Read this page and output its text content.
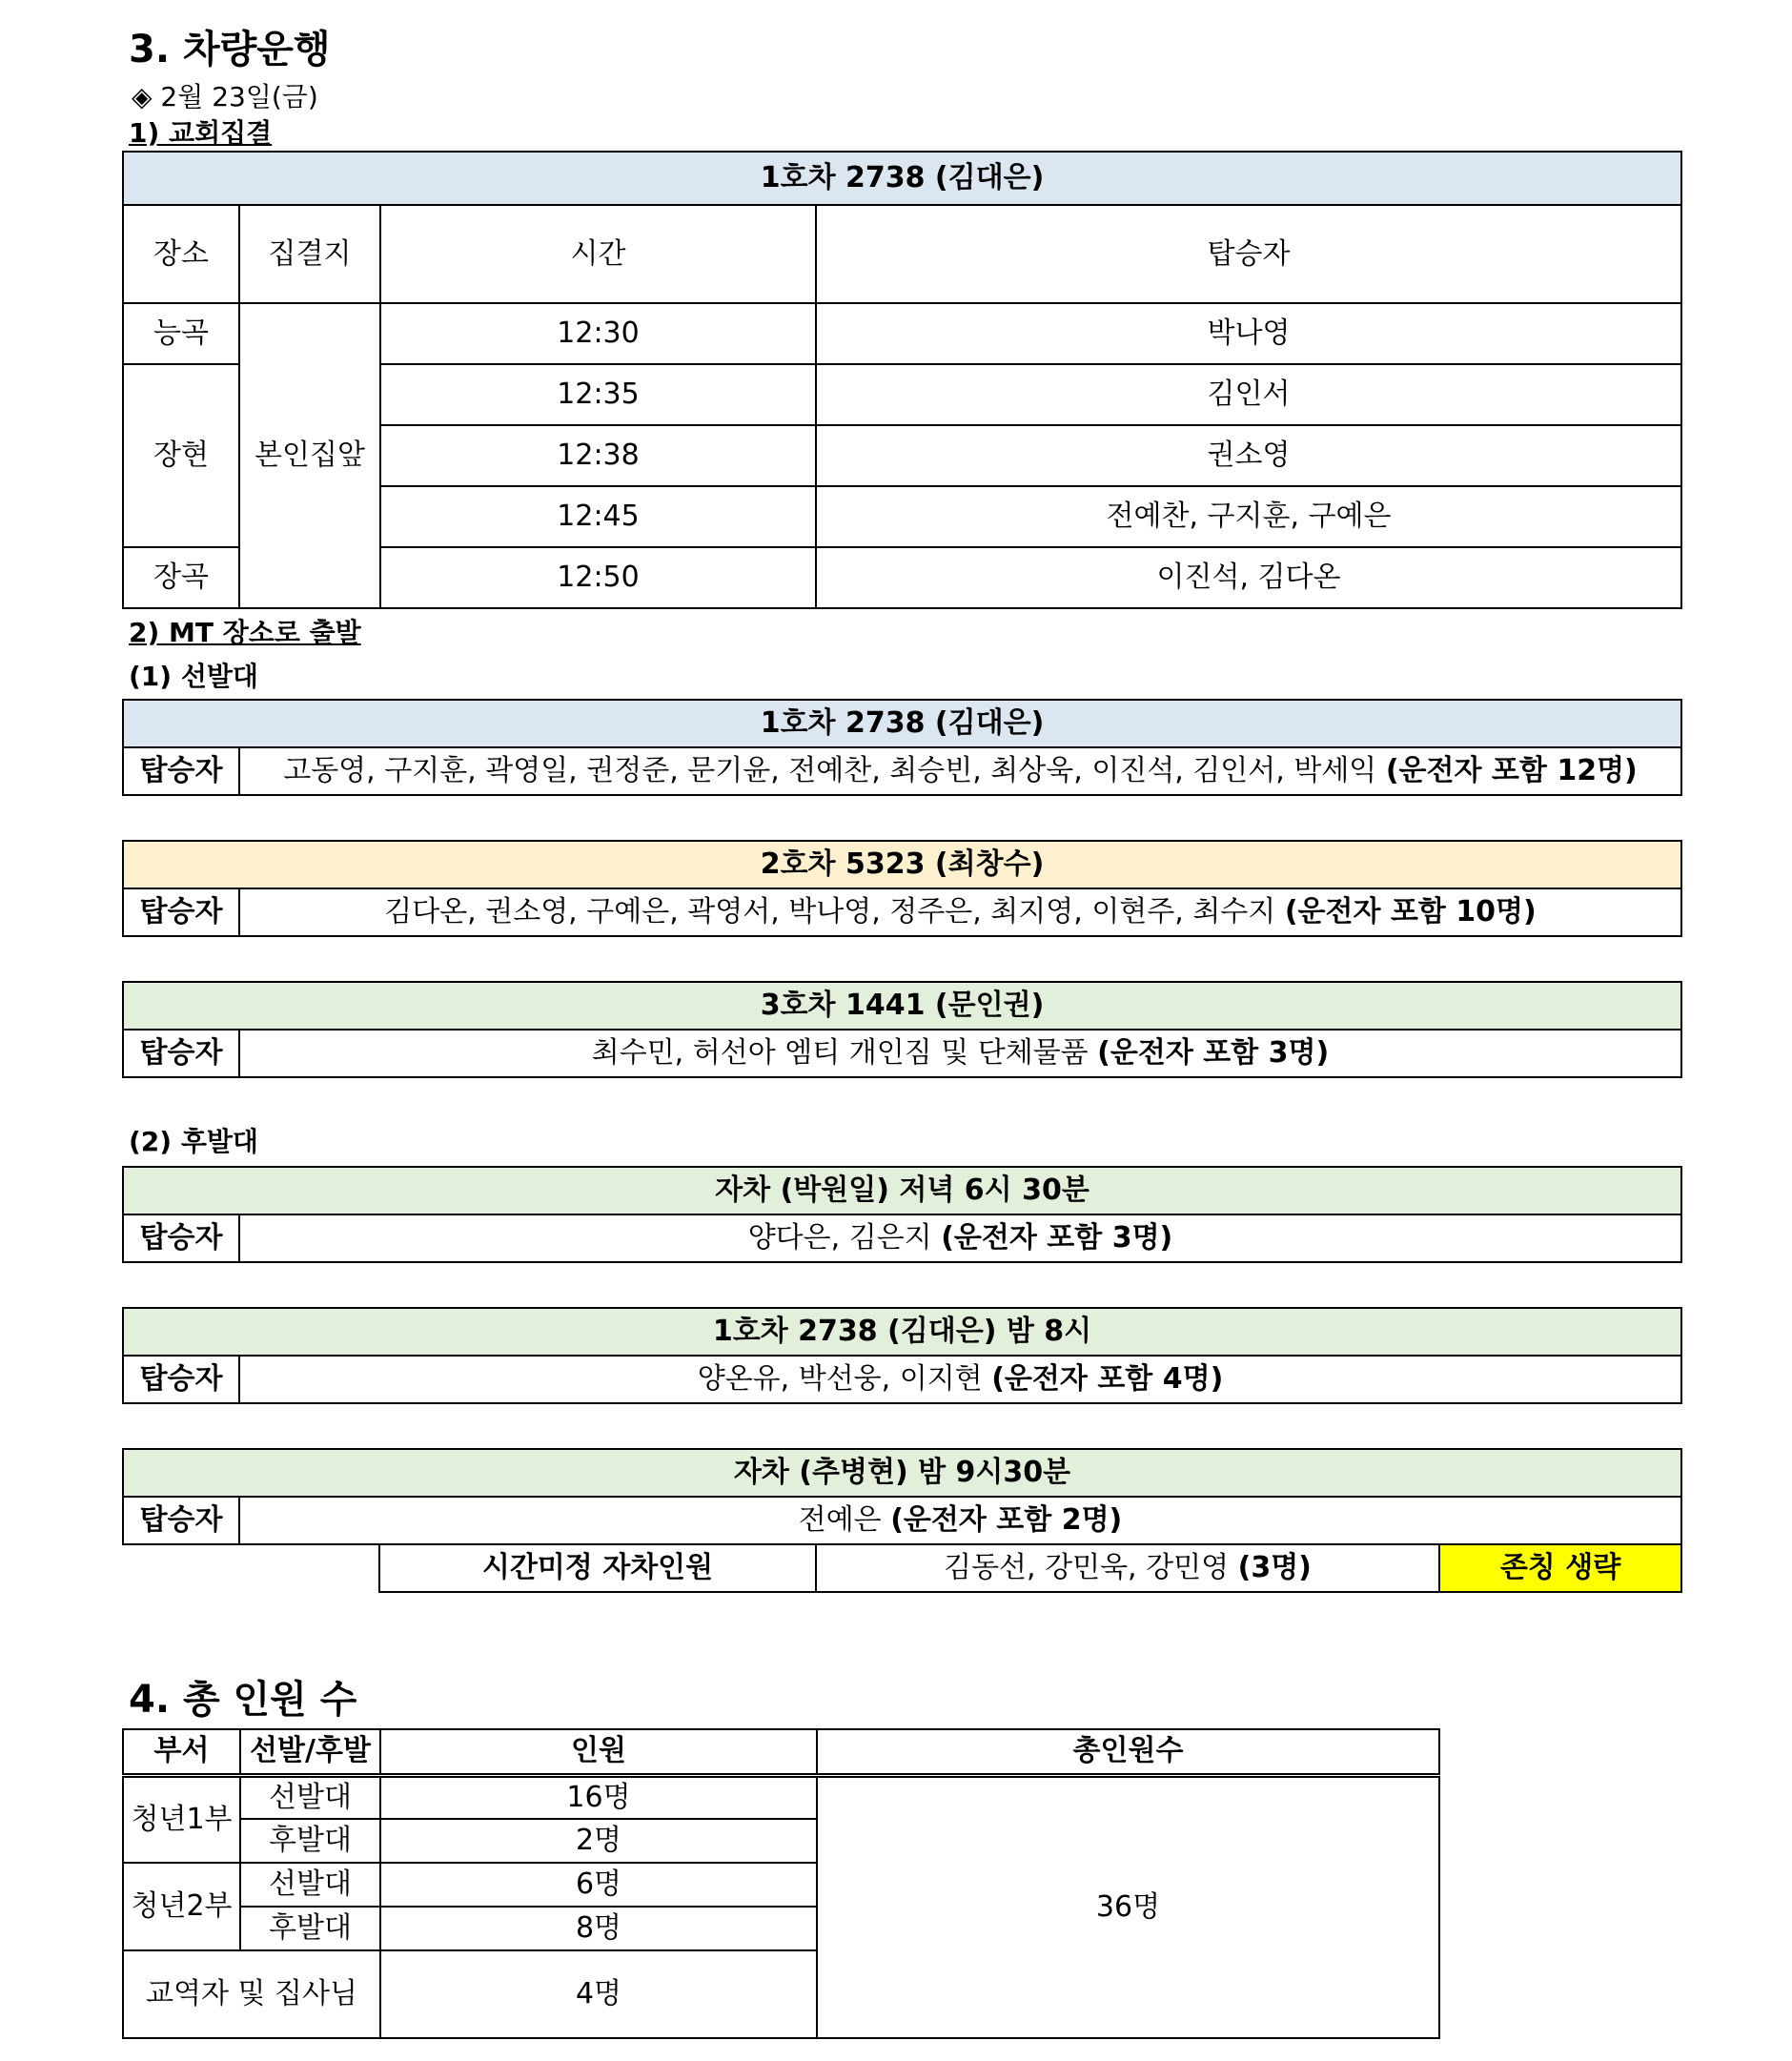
3. 차량운행
◈ 2월 23일(금)
1) 교회집결
1호차 2738 (김대은)			
장소	집결지	시간	탑승자
능곡	본인집앞	12:30	박나영
장현		12:35	김인서
		12:38	권소영
		12:45	전예찬, 구지훈, 구예은
장곡		12:50	이진석, 김다온
2) MT 장소로 출발
(1) 선발대
1호차 2738 (김대은)
탑승자	고동영, 구지훈, 곽영일, 권정준, 문기윤, 전예찬, 최승빈, 최상욱, 이진석, 김인서, 박세익 (운전자 포함 12명)
2호차 5323 (최창수)
탑승자	김다온, 권소영, 구예은, 곽영서, 박나영, 정주은, 최지영, 이현주, 최수지 (운전자 포함 10명)
3호차 1441 (문인권)
탑승자	최수민, 허선아 엠티 개인짐 및 단체물품 (운전자 포함 3명)
(2) 후발대
자차 (박원일) 저녁 6시 30분
탑승자	양다은, 김은지 (운전자 포함 3명)
1호차 2738 (김대은) 밤 8시
탑승자	양온유, 박선웅, 이지현 (운전자 포함 4명)
자차 (추병현) 밤 9시30분
탑승자	전예은 (운전자 포함 2명)
시간미정 자차인원	김동선, 강민욱, 강민영 (3명)	존칭 생략
4. 총 인원 수
부서	선발/후발	인원	총인원수
청년1부	선발대	16명	36명
	후발대	2명	
청년2부	선발대	6명	
	후발대	8명	
교역자 및 집사님		4명	
